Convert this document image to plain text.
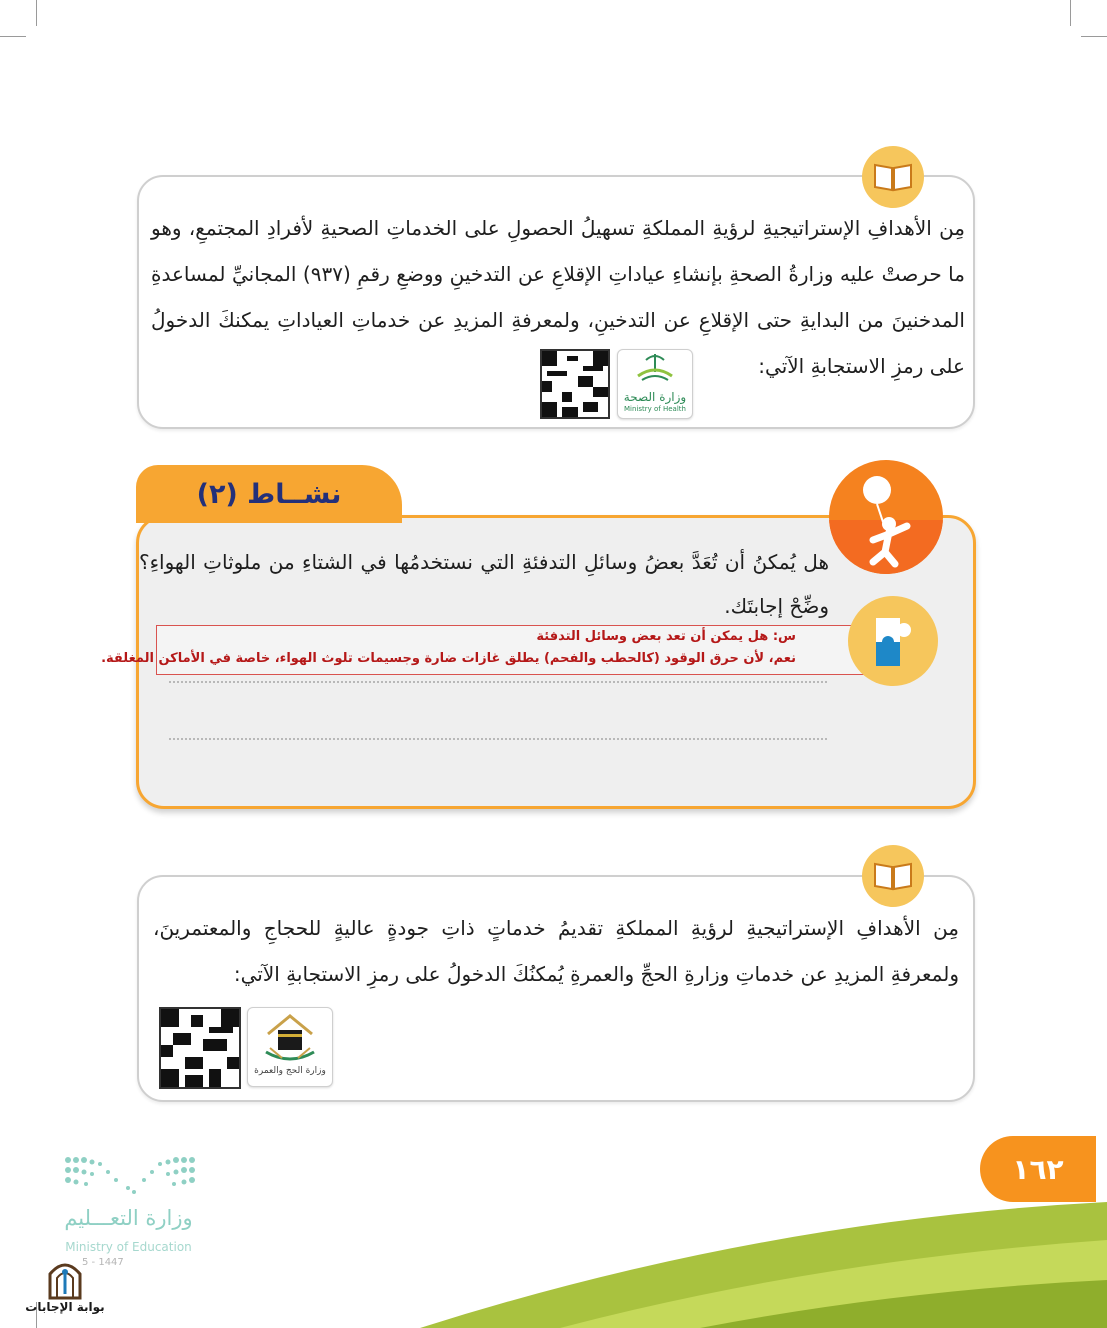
مِن الأهدافِ الإستراتيجيةِ لرؤيةِ المملكةِ تسهيلُ الحصولِ على الخدماتِ الصحيةِ لأفرادِ المجتمعِ، وهو ما حرصتْ عليه وزارةُ الصحةِ بإنشاءِ عياداتِ الإقلاعِ عن التدخينِ ووضعِ رقمِ (٩٣٧) المجانيِّ لمساعدةِ المدخنينَ من البدايةِ حتى الإقلاعِ عن التدخينِ، ولمعرفةِ المزيدِ عن خدماتِ العياداتِ يمكنكَ الدخولُ على رمزِ الاستجابةِ الآتي:
وزارة الصحة
Ministry of Health
هل يُمكنُ أن تُعَدَّ بعضُ وسائلِ التدفئةِ التي نستخدمُها في الشتاءِ من ملوثاتِ الهواءِ؟ وضِّحْ إجابتَك.
نشــاط (٢)
س: هل يمكن أن تعد بعض وسائل التدفئة
نعم، لأن حرق الوقود (كالحطب والفحم) يطلق غازات ضارة وجسيمات تلوث الهواء، خاصة في الأماكن المغلقة.
مِن الأهدافِ الإستراتيجيةِ لرؤيةِ المملكةِ تقديمُ خدماتٍ ذاتِ جودةٍ عاليةٍ للحجاجِ والمعتمرينَ، ولمعرفةِ المزيدِ عن خدماتِ وزارةِ الحجِّ والعمرةِ يُمكنُكَ الدخولُ على رمزِ الاستجابةِ الآتي:
وزارة الحج والعمرة
١٦٢
وزارة التعـــليم
Ministry of Education
5 - 1447
بوابة الإجابات
